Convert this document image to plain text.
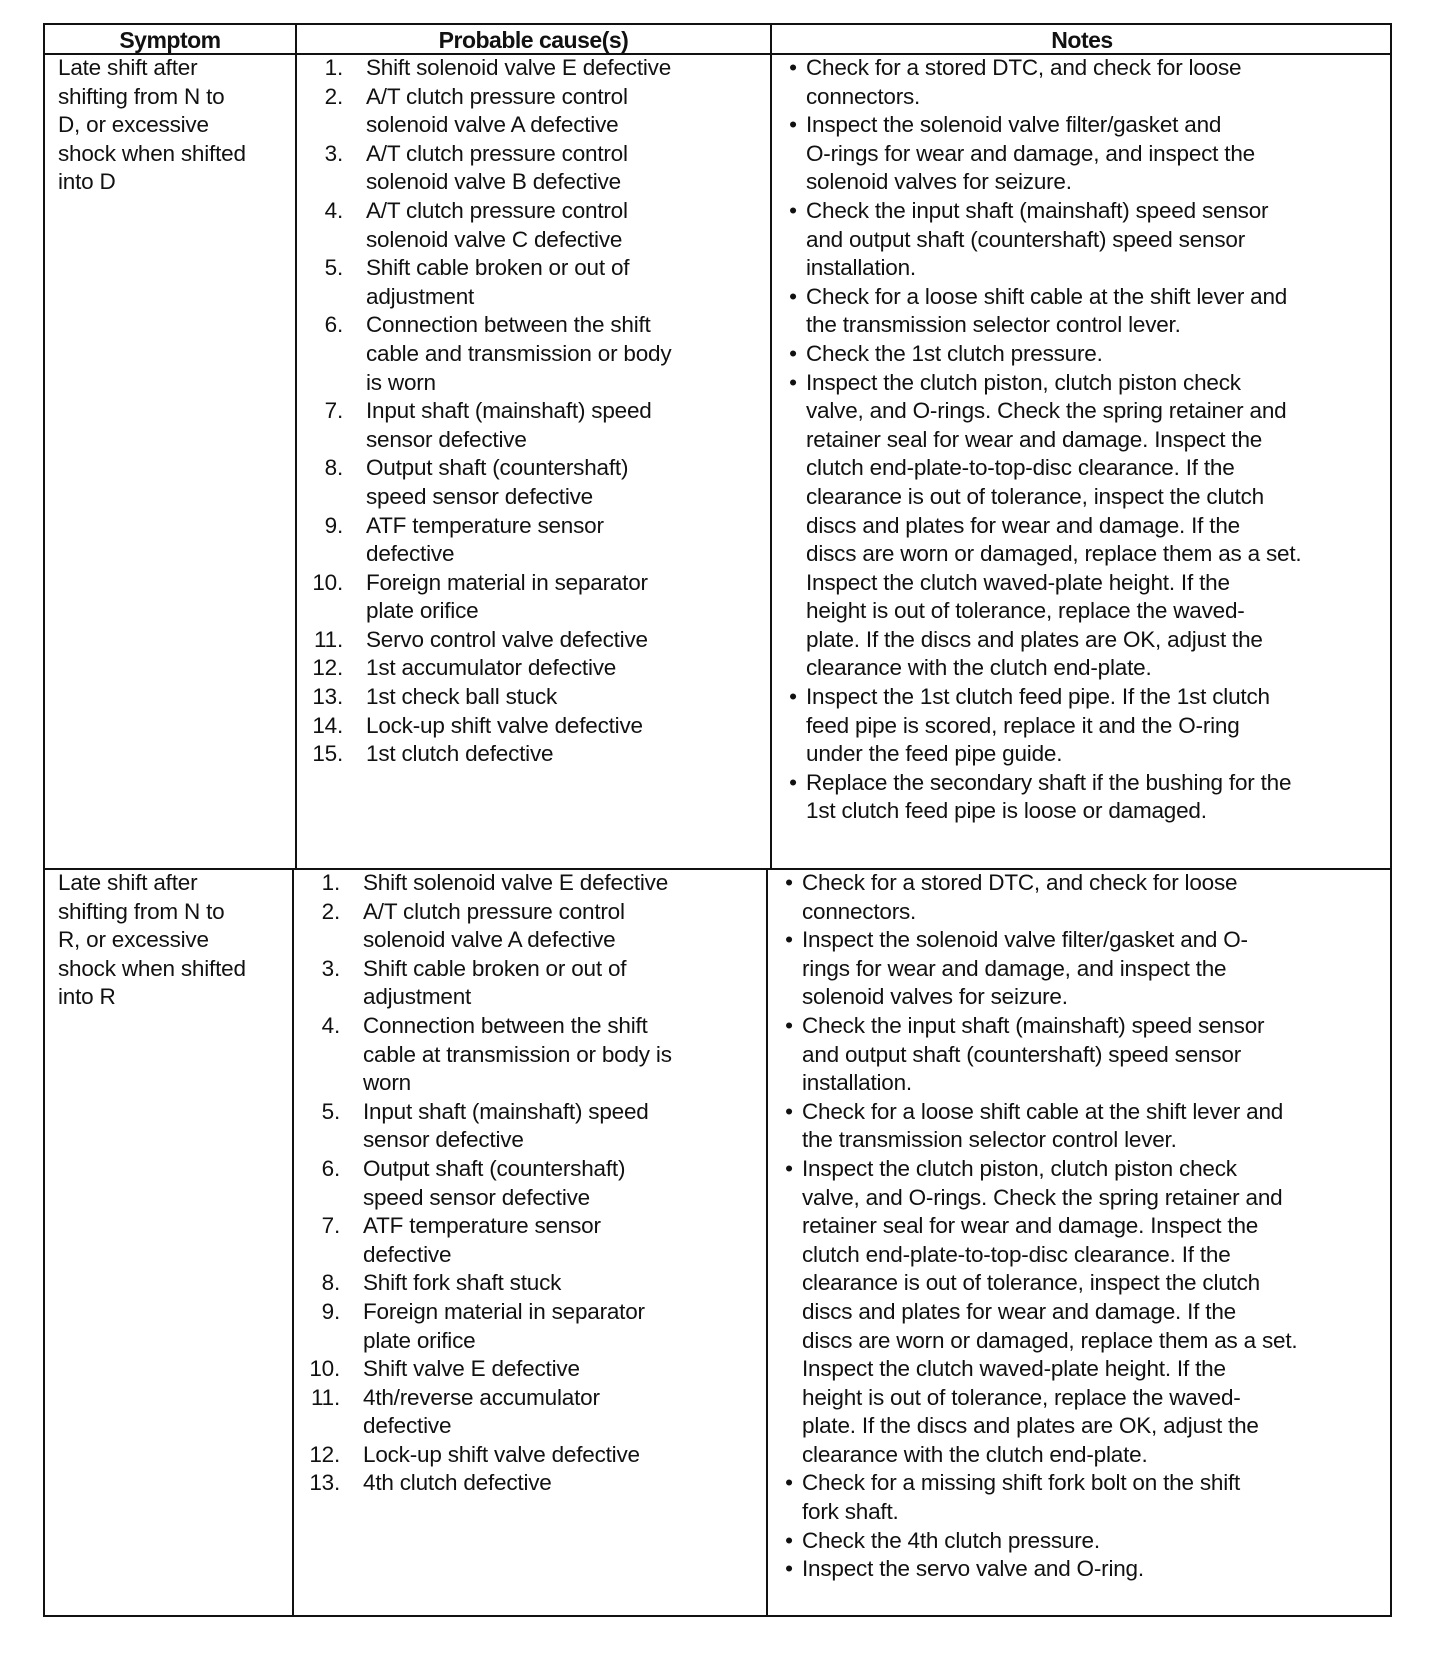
Symptom	Probable cause(s)	Notes
Late shift after
shifting from N to
D, or excessive
shock when shifted
into D
1. Shift solenoid valve E defective
2. A/T clutch pressure control
solenoid valve A defective
3. A/T clutch pressure control
solenoid valve B defective
4. A/T clutch pressure control
solenoid valve C defective
5. Shift cable broken or out of
adjustment
6. Connection between the shift
cable and transmission or body
is worn
7. Input shaft (mainshaft) speed
sensor defective
8. Output shaft (countershaft)
speed sensor defective
9. ATF temperature sensor
defective
10. Foreign material in separator
plate orifice
11. Servo control valve defective
12. 1st accumulator defective
13. 1st check ball stuck
14. Lock-up shift valve defective
15. 1st clutch defective
• Check for a stored DTC, and check for loose
connectors.
• Inspect the solenoid valve filter/gasket and
O-rings for wear and damage, and inspect the
solenoid valves for seizure.
• Check the input shaft (mainshaft) speed sensor
and output shaft (countershaft) speed sensor
installation.
• Check for a loose shift cable at the shift lever and
the transmission selector control lever.
• Check the 1st clutch pressure.
• Inspect the clutch piston, clutch piston check
valve, and O-rings. Check the spring retainer and
retainer seal for wear and damage. Inspect the
clutch end-plate-to-top-disc clearance. If the
clearance is out of tolerance, inspect the clutch
discs and plates for wear and damage. If the
discs are worn or damaged, replace them as a set.
Inspect the clutch waved-plate height. If the
height is out of tolerance, replace the waved-
plate. If the discs and plates are OK, adjust the
clearance with the clutch end-plate.
• Inspect the 1st clutch feed pipe. If the 1st clutch
feed pipe is scored, replace it and the O-ring
under the feed pipe guide.
• Replace the secondary shaft if the bushing for the
1st clutch feed pipe is loose or damaged.
Late shift after
shifting from N to
R, or excessive
shock when shifted
into R
1. Shift solenoid valve E defective
2. A/T clutch pressure control
solenoid valve A defective
3. Shift cable broken or out of
adjustment
4. Connection between the shift
cable at transmission or body is
worn
5. Input shaft (mainshaft) speed
sensor defective
6. Output shaft (countershaft)
speed sensor defective
7. ATF temperature sensor
defective
8. Shift fork shaft stuck
9. Foreign material in separator
plate orifice
10. Shift valve E defective
11. 4th/reverse accumulator
defective
12. Lock-up shift valve defective
13. 4th clutch defective
• Check for a stored DTC, and check for loose
connectors.
• Inspect the solenoid valve filter/gasket and O-
rings for wear and damage, and inspect the
solenoid valves for seizure.
• Check the input shaft (mainshaft) speed sensor
and output shaft (countershaft) speed sensor
installation.
• Check for a loose shift cable at the shift lever and
the transmission selector control lever.
• Inspect the clutch piston, clutch piston check
valve, and O-rings. Check the spring retainer and
retainer seal for wear and damage. Inspect the
clutch end-plate-to-top-disc clearance. If the
clearance is out of tolerance, inspect the clutch
discs and plates for wear and damage. If the
discs are worn or damaged, replace them as a set.
Inspect the clutch waved-plate height. If the
height is out of tolerance, replace the waved-
plate. If the discs and plates are OK, adjust the
clearance with the clutch end-plate.
• Check for a missing shift fork bolt on the shift
fork shaft.
• Check the 4th clutch pressure.
• Inspect the servo valve and O-ring.
